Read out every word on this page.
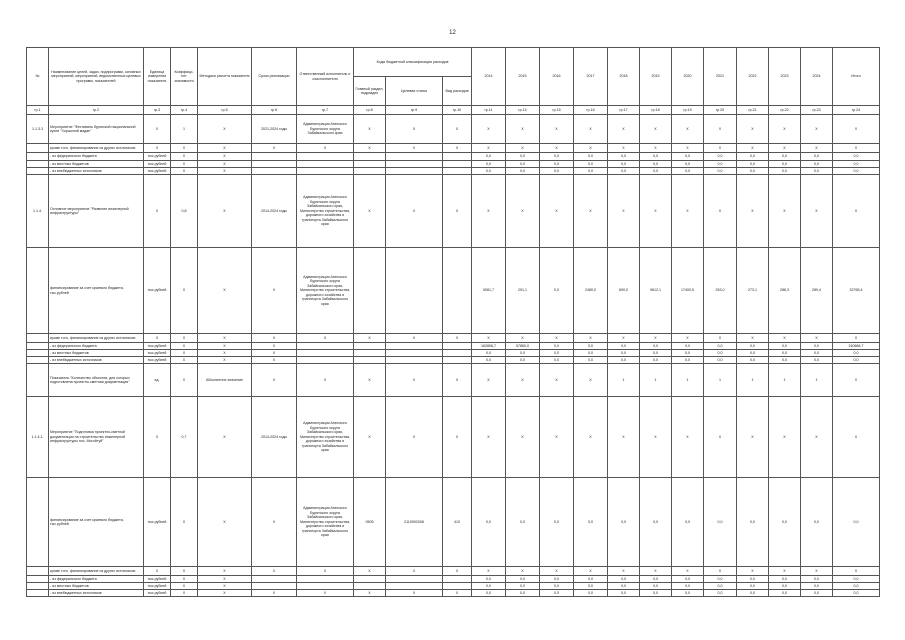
12
№	Наименование целей, задач, подпрограмм, основных мероприятий, мероприятий, ведомственных целевых программ, показателей	Единица измерения показателя	Коэффици-ент значимости	Методика расчета показателя	Сроки реализации	Ответственный исполнитель и соисполнители	Коды бюджетной классификации расходов			2014	2015	2016	2017	2018	2019	2020	2021	2022	2023	2024	Итого
							Главный раздел, подраздел	Целевая статья	Вид расходов												
гр.1	гр.2	гр.3	гр.4	гр.5	гр.6	гр.7	гр.8	гр.9	гр.10	гр.11	гр.14	гр.15	гр.16	гр.17	гр.18	гр.19	гр.20	гр.21	гр.22	гр.23	гр.24
1.1.3.3	Мероприятие "Фестиваль бурятской национальной кухни "Хоршоной мадан"	Х	1	Х	2021-2024 годы	Администрация Агинского Бурятского округа Забайкальского края	Х	Х	Х	Х	Х	Х	Х	Х	Х	Х	Х	Х	Х	Х	Х
	кроме того, финансирование из других источников:	Х	Х	Х	Х	Х	Х	Х	Х	Х	Х	Х	Х	Х	Х	Х	Х	Х	Х	Х	Х
	- из федерального бюджета	тыс.рублей	Х	Х						0,0	0,0	0,0	0,0	0,0	0,0	0,0	0,0	0,0	0,0	0,0	0,0
	- из местных бюджетов	тыс.рублей	Х	Х						0,0	0,0	0,0	0,0	0,0	0,0	0,0	0,0	0,0	0,0	0,0	0,0
	- из внебюджетных источников	тыс.рублей	Х	Х						0,0	0,0	0,0	0,0	0,0	0,0	0,0	0,0	0,0	0,0	0,0	0,0
1.1.4.	Основное мероприятие "Развитие инженерной инфраструктуры"	Х	0,8	Х	2014-2024 годы	Администрация Агинского Бурятского округа Забайкальского края, Министерство строительства, дорожного хозяйства и транспорта Забайкальского края	Х	Х	Х	Х	Х	Х	Х	Х	Х	Х	Х	Х	Х	Х	Х
	финансирование за счет краевого бюджета, тыс.рублей	тыс.рублей	Х	Х	Х	Администрация Агинского Бурятского округа Забайкальского края, Министерство строительства, дорожного хозяйства и транспорта Забайкальского края				5081,7	291,1	0,0	2480,0	690,0	9612,1	17400,5	253,0	273,1	288,3	289,4	32765,4
	кроме того, финансирование из других источников:	Х	Х	Х	Х	Х	Х	Х	Х	Х	Х	Х	Х	Х	Х	Х	Х	Х	Х	Х	Х
	- из федерального бюджета	тыс.рублей	Х	Х	Х					162806,7	57860,0	0,0	0,0	0,0	0,0	0,0	0,0	0,0	0,0	0,0	240666,7
	- из местных бюджетов	тыс.рублей	Х	Х	Х					0,0	0,0	0,0	0,0	0,0	0,0	0,0	0,0	0,0	0,0	0,0	0,0
	- из внебюджетных источников	тыс.рублей	Х	Х	Х					0,0	0,0	0,0	0,0	0,0	0,0	0,0	0,0	0,0	0,0	0,0	0,0
	Показатель "Количество объектов, для которых подготовлена проектно-сметная документация"	ед.	Х	Абсолютное значение	Х	Х	Х	Х	Х	Х	Х	Х	Х	1	1	1	1	1	1	1	Х
1.1.4.1.	Мероприятие "Подготовка проектно-сметной документации на строительство инженерной инфраструктуры пос. Могойтуй"	Х	0,7	Х	2014-2024 годы	Администрация Агинского Бурятского округа Забайкальского края, Министерство строительства, дорожного хозяйства и транспорта Забайкальского края	Х	Х	Х	Х	Х	Х	Х	Х	Х	Х	Х	Х	Х	Х	Х
	финансирование за счет краевого бюджета, тыс.рублей	тыс.рублей	Х	Х	Х	Администрация Агинского Бурятского округа Забайкальского края, Министерство строительства, дорожного хозяйства и транспорта Забайкальского края	0505	2110902008	410	0,0	0,0	0,0	0,0	0,0	0,0	0,0	0,0	0,0	0,0	0,0	0,0
	кроме того, финансирование из других источников:	Х	Х	Х	Х	Х	Х	Х	Х	Х	Х	Х	Х	Х	Х	Х	Х	Х	Х	Х	Х
	- из федерального бюджета	тыс.рублей	Х	Х						0,0	0,0	0,0	0,0	0,0	0,0	0,0	0,0	0,0	0,0	0,0	0,0
	- из местных бюджетов	тыс.рублей	Х	Х						0,0	0,0	0,0	0,0	0,0	0,0	0,0	0,0	0,0	0,0	0,0	0,0
	- из внебюджетных источников	тыс.рублей	Х	Х	Х	Х	Х	Х	Х	0,0	0,0	0,0	0,0	0,0	0,0	0,0	0,0	0,0	0,0	0,0	0,0
